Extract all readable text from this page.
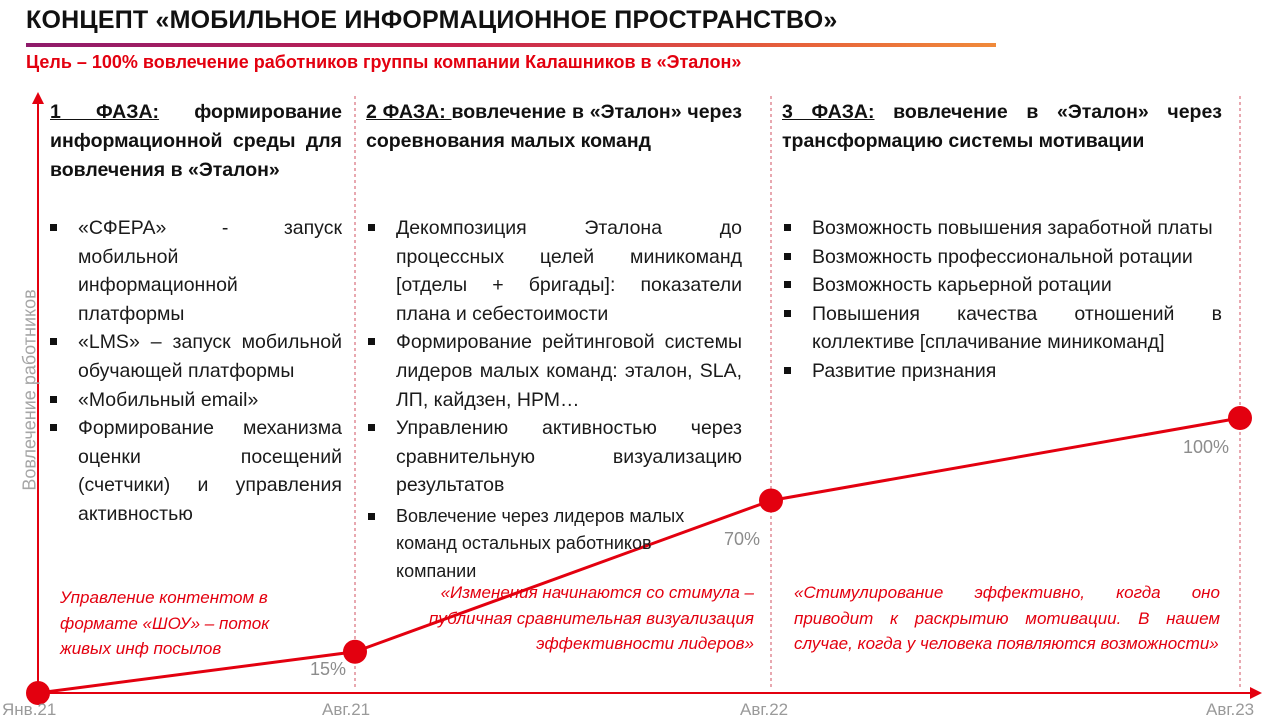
КОНЦЕПТ «МОБИЛЬНОЕ ИНФОРМАЦИОННОЕ ПРОСТРАНСТВО»
Цель – 100% вовлечение работников группы компании Калашников в «Эталон»
Вовлечение работников
1 ФАЗА: формирование информационной среды для вовлечения в «Эталон»
«СФЕРА» - запуск мобильной информационной платформы
«LMS» – запуск мобильной обучающей платформы
«Мобильный email»
Формирование механизма оценки посещений (счетчики) и управления активностью
Управление контентом в формате «ШОУ» – поток живых инф посылов
2 ФАЗА: вовлечение в «Эталон» через соревнования малых команд
Декомпозиция Эталона до процессных целей миникоманд [отделы + бригады]: показатели плана и себестоимости
Формирование рейтинговой системы лидеров малых команд: эталон, SLA, ЛП, кайдзен, НРМ…
Управлению активностью через сравнительную визуализацию результатов
Вовлечение через лидеров малых команд остальных работников компании
«Изменения начинаются со стимула – публичная сравнительная визуализация эффективности лидеров»
3 ФАЗА: вовлечение в «Эталон» через трансформацию системы мотивации
Возможность повышения заработной платы
Возможность профессиональной ротации
Возможность карьерной ротации
Повышения качества отношений в коллективе [сплачивание миникоманд]
Развитие признания
«Стимулирование эффективно, когда оно приводит к раскрытию мотивации. В нашем случае, когда у человека появляются возможности»
15%
70%
100%
Янв.21	Авг.21	Авг.22	Авг.23
